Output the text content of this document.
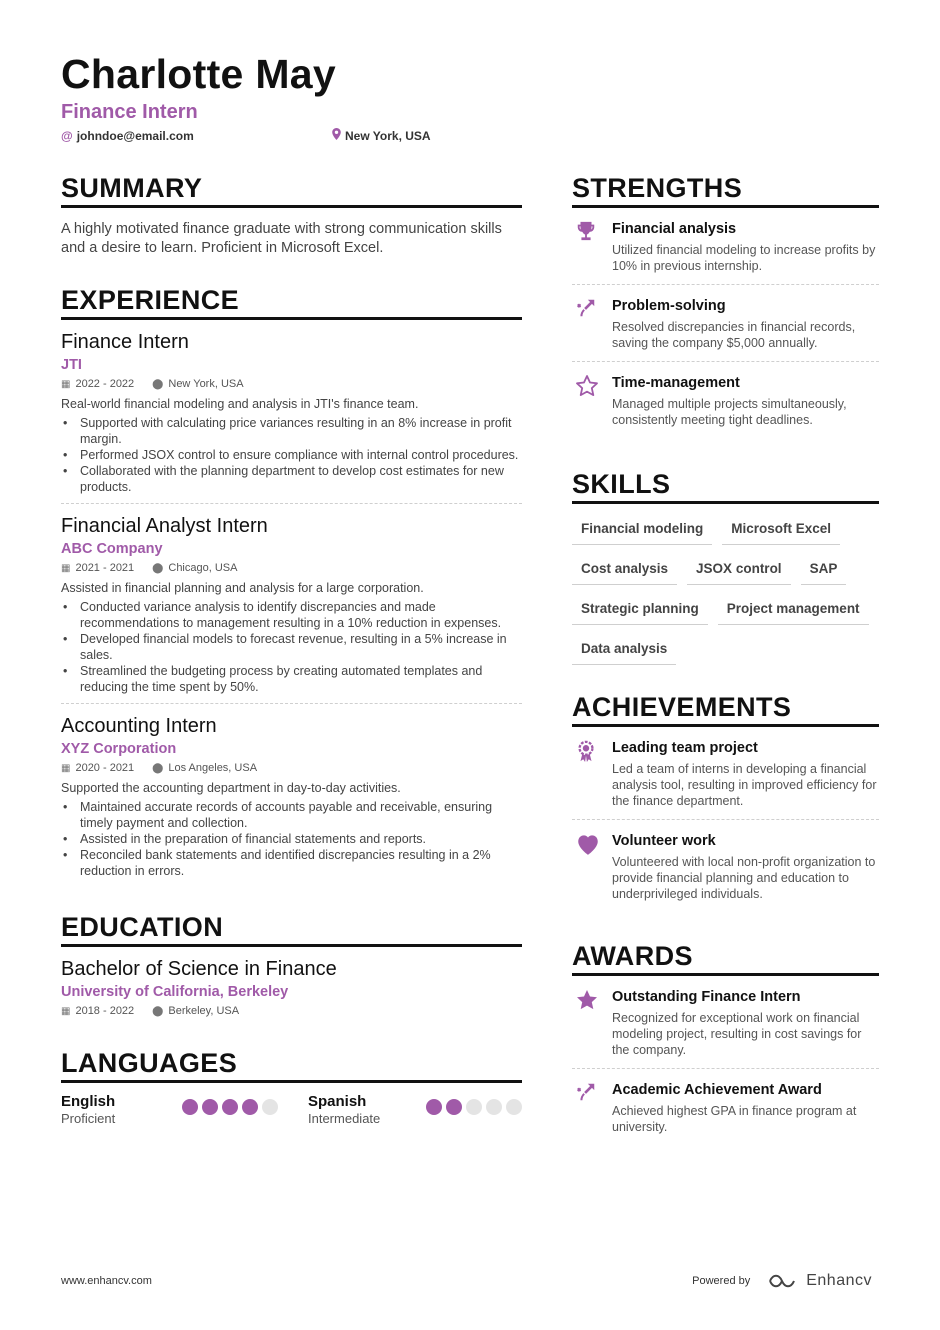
Charlotte May
Finance Intern
@ johndoe@email.com	New York, USA
SUMMARY
A highly motivated finance graduate with strong communication skills and a desire to learn. Proficient in Microsoft Excel.
EXPERIENCE
Finance Intern
JTI
▦ 2022 - 2022 ⬤ New York, USA
Real-world financial modeling and analysis in JTI's finance team.
• Supported with calculating price variances resulting in an 8% increase in profit margin.
• Performed JSOX control to ensure compliance with internal control procedures.
• Collaborated with the planning department to develop cost estimates for new products.
Financial Analyst Intern
ABC Company
▦ 2021 - 2021 ⬤ Chicago, USA
Assisted in financial planning and analysis for a large corporation.
• Conducted variance analysis to identify discrepancies and made recommendations to management resulting in a 10% reduction in expenses.
• Developed financial models to forecast revenue, resulting in a 5% increase in sales.
• Streamlined the budgeting process by creating automated templates and reducing the time spent by 50%.
Accounting Intern
XYZ Corporation
▦ 2020 - 2021 ⬤ Los Angeles, USA
Supported the accounting department in day-to-day activities.
• Maintained accurate records of accounts payable and receivable, ensuring timely payment and collection.
• Assisted in the preparation of financial statements and reports.
• Reconciled bank statements and identified discrepancies resulting in a 2% reduction in errors.
EDUCATION
Bachelor of Science in Finance
University of California, Berkeley
▦ 2018 - 2022 ⬤ Berkeley, USA
LANGUAGES
English
Proficient
Spanish
Intermediate
STRENGTHS
Financial analysis
Utilized financial modeling to increase profits by 10% in previous internship.
Problem-solving
Resolved discrepancies in financial records, saving the company $5,000 annually.
Time-management
Managed multiple projects simultaneously, consistently meeting tight deadlines.
SKILLS
Financial modeling	Microsoft Excel
Cost analysis	JSOX control	SAP
Strategic planning	Project management
Data analysis
ACHIEVEMENTS
Leading team project
Led a team of interns in developing a financial analysis tool, resulting in improved efficiency for the finance department.
Volunteer work
Volunteered with local non-profit organization to provide financial planning and education to underprivileged individuals.
AWARDS
Outstanding Finance Intern
Recognized for exceptional work on financial modeling project, resulting in cost savings for the company.
Academic Achievement Award
Achieved highest GPA in finance program at university.
www.enhancv.com	Powered by	Enhancv
